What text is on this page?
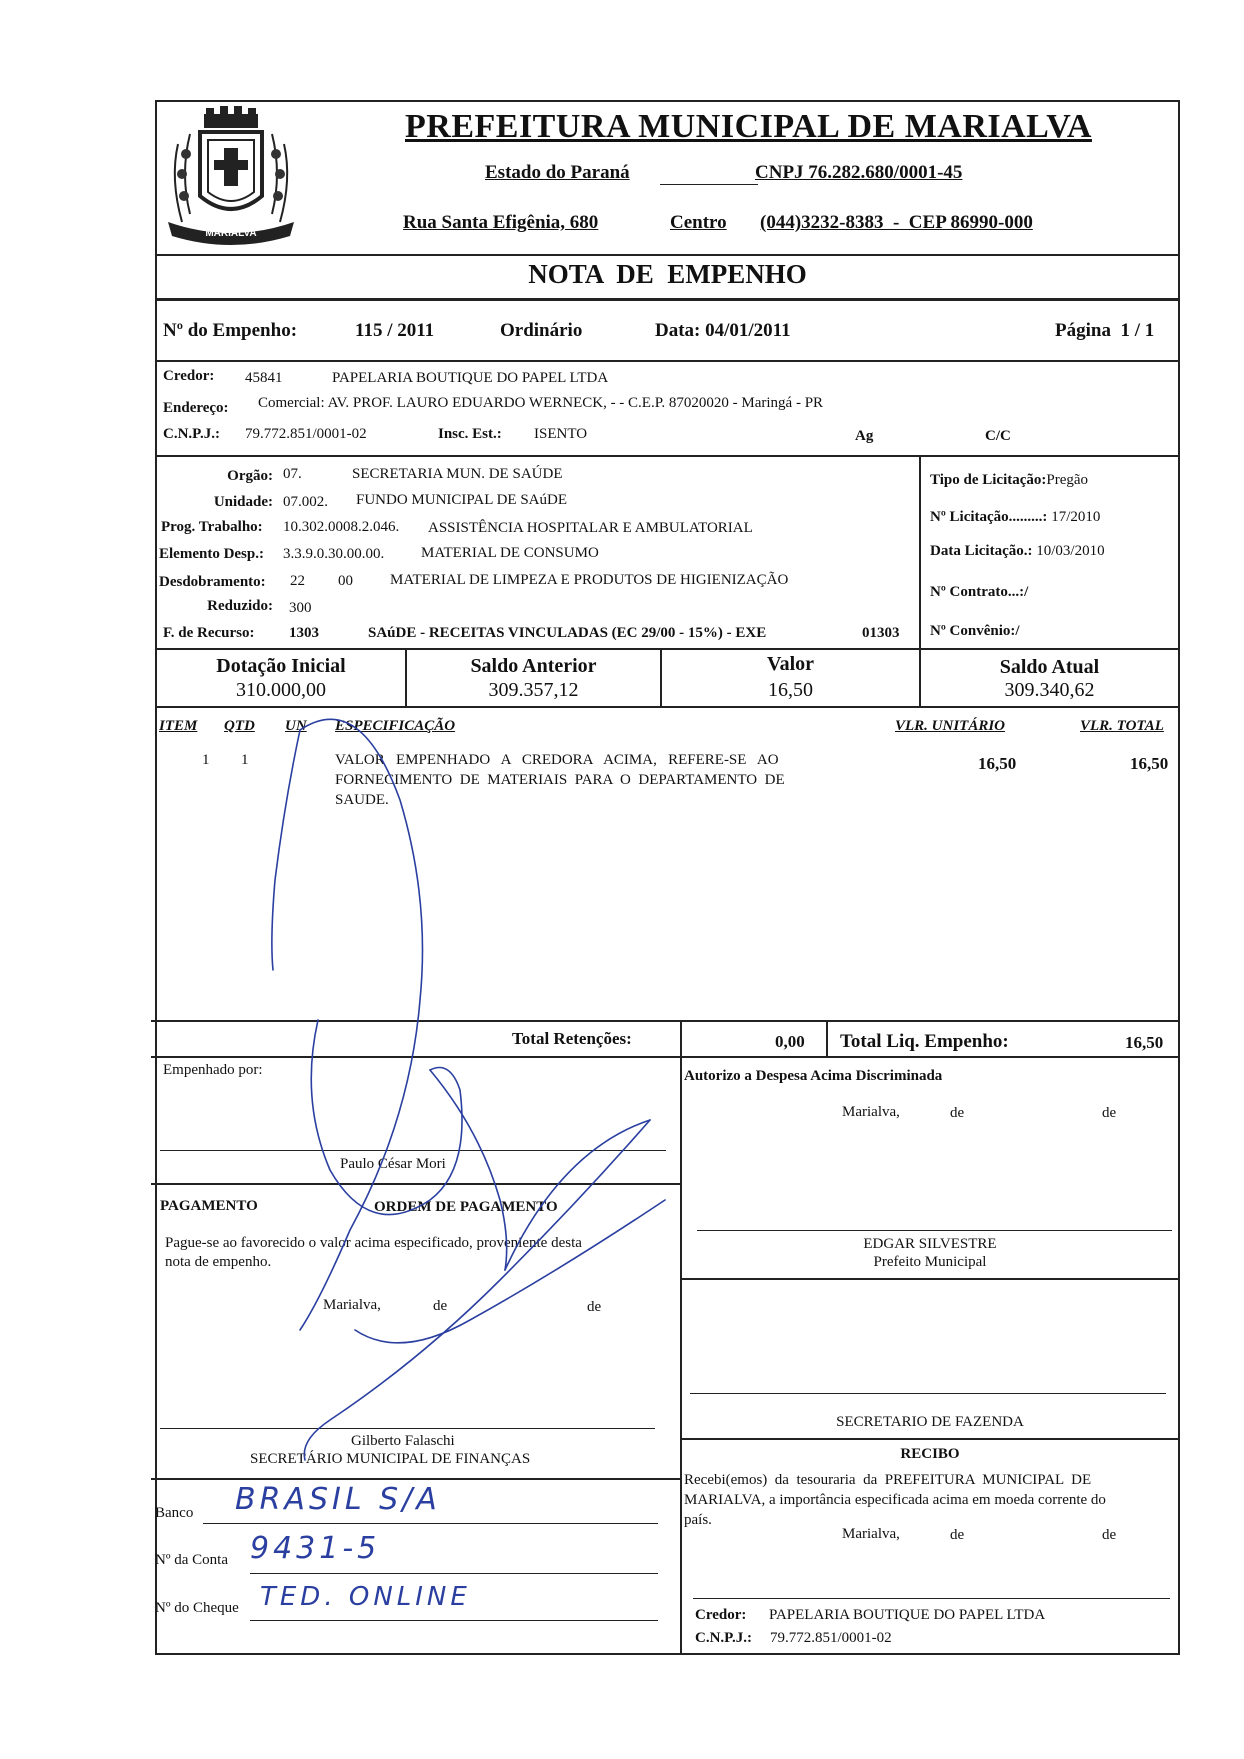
MARIALVA
PREFEITURA MUNICIPAL DE MARIALVA
Estado do Paraná	CNPJ 76.282.680/0001-45
Rua Santa Efigênia, 680	Centro (044)3232-8383  -  CEP 86990-000
NOTA  DE  EMPENHO
Nº do Empenho:	115 / 2011	Ordinário	Data: 04/01/2011	Página  1 / 1
Credor: 45841	PAPELARIA BOUTIQUE DO PAPEL LTDA
Endereço: Comercial: AV. PROF. LAURO EDUARDO WERNECK, - - C.E.P. 87020020 - Maringá - PR
C.N.P.J.: 79.772.851/0001-02	Insc. Est.: ISENTO	Ag	C/C
Orgão: 07.	SECRETARIA MUN. DE SAÚDE
Unidade: 07.002. FUNDO MUNICIPAL DE SAúDE
Prog. Trabalho: 10.302.0008.2.046. ASSISTÊNCIA HOSPITALAR E AMBULATORIAL
Elemento Desp.: 3.3.9.0.30.00.00. MATERIAL DE CONSUMO
Desdobramento: 22 00 MATERIAL DE LIMPEZA E PRODUTOS DE HIGIENIZAÇÃO
Reduzido: 300
F. de Recurso: 1303	SAúDE - RECEITAS VINCULADAS (EC 29/00 - 15%) - EXE	01303
Tipo de Licitação:Pregão
Nº Licitação.........: 17/2010
Data Licitação.: 10/03/2010
Nº Contrato...:/
Nº Convênio:/
Dotação Inicial
310.000,00
Saldo Anterior
309.357,12
Valor
16,50
Saldo Atual
309.340,62
ITEM QTD UN ESPECIFICAÇÃO	VLR. UNITÁRIO	VLR. TOTAL
1 1	VALOR   EMPENHADO   A   CREDORA   ACIMA,   REFERE-SE   AO
FORNECIMENTO  DE  MATERIAIS  PARA  O  DEPARTAMENTO  DE
SAUDE.
16,50	16,50
Total Retenções:	0,00 Total Liq. Empenho:	16,50
Empenhado por:
Paulo César Mori
PAGAMENTO	ORDEM DE PAGAMENTO
Pague-se ao favorecido o valor acima especificado, proveniente desta
nota de empenho.
Marialva,	de	de
Gilberto Falaschi
SECRETÁRIO MUNICIPAL DE FINANÇAS
Banco BRASIL S/A
Nº da Conta 9431-5
Nº do Cheque TED. ONLINE
Autorizo a Despesa Acima Discriminada
Marialva,	de	de
EDGAR SILVESTRE
Prefeito Municipal
SECRETARIO DE FAZENDA
RECIBO
Recebi(emos)  da  tesouraria  da  PREFEITURA  MUNICIPAL  DE
MARIALVA, a importância especificada acima em moeda corrente do
país.
Marialva,	de	de
Credor: PAPELARIA BOUTIQUE DO PAPEL LTDA
C.N.P.J.: 79.772.851/0001-02
